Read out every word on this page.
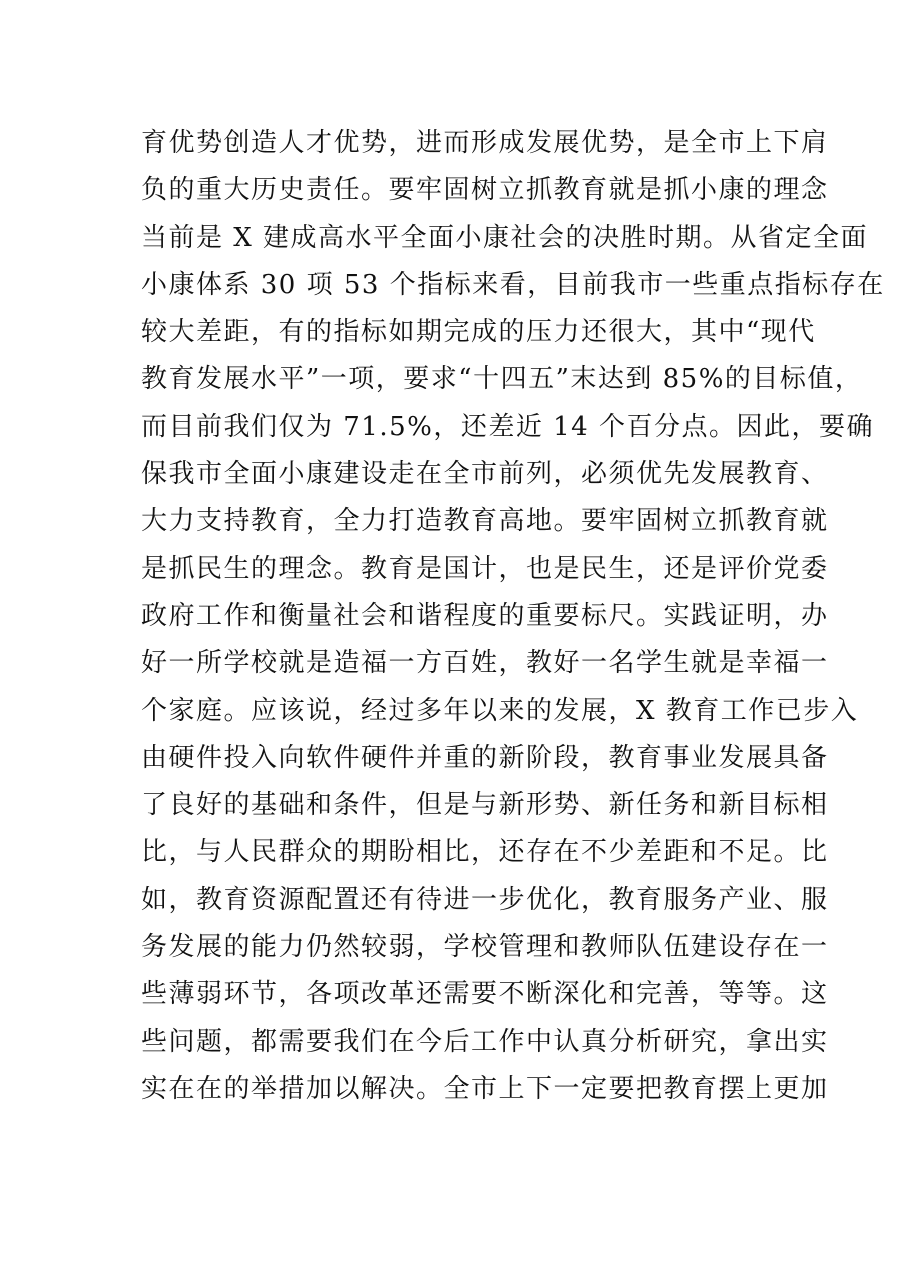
育优势创造人才优势，进而形成发展优势，是全市上下肩
负的重大历史责任。要牢固树立抓教育就是抓小康的理念
当前是 X 建成高水平全面小康社会的决胜时期。从省定全面
小康体系 30 项 53 个指标来看，目前我市一些重点指标存在
较大差距，有的指标如期完成的压力还很大，其中“现代
教育发展水平”一项，要求“十四五”末达到 85%的目标值，
而目前我们仅为 71.5%，还差近 14 个百分点。因此，要确
保我市全面小康建设走在全市前列，必须优先发展教育、
大力支持教育，全力打造教育高地。要牢固树立抓教育就
是抓民生的理念。教育是国计，也是民生，还是评价党委
政府工作和衡量社会和谐程度的重要标尺。实践证明，办
好一所学校就是造福一方百姓，教好一名学生就是幸福一
个家庭。应该说，经过多年以来的发展，X 教育工作已步入
由硬件投入向软件硬件并重的新阶段，教育事业发展具备
了良好的基础和条件，但是与新形势、新任务和新目标相
比，与人民群众的期盼相比，还存在不少差距和不足。比
如，教育资源配置还有待进一步优化，教育服务产业、服
务发展的能力仍然较弱，学校管理和教师队伍建设存在一
些薄弱环节，各项改革还需要不断深化和完善，等等。这
些问题，都需要我们在今后工作中认真分析研究，拿出实
实在在的举措加以解决。全市上下一定要把教育摆上更加
